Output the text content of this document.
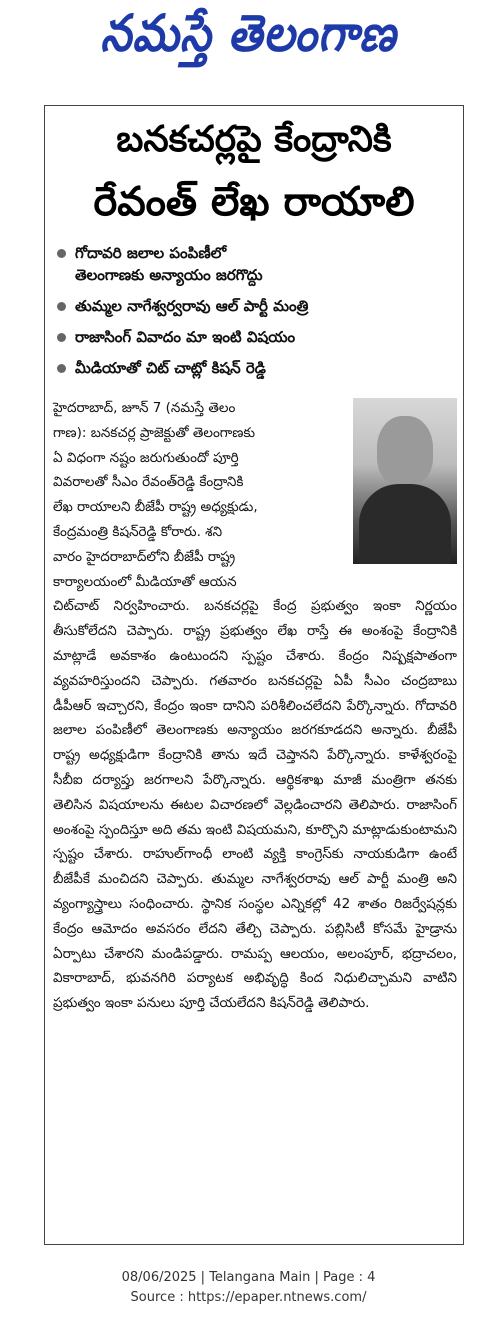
నమస్తే తెలంగాణ
బనకచర్లపై కేంద్రానికి
రేవంత్ లేఖ రాయాలి
గోదావరి జలాల పంపిణీలో
తెలంగాణకు అన్యాయం జరగొద్దు
తుమ్మల నాగేశ్వర్వరావు ఆల్ పార్టీ మంత్రి
రాజాసింగ్ వివాదం మా ఇంటి విషయం
మీడియాతో చిట్ చాట్లో కిషన్ రెడ్డి
హైదరాబాద్, జూన్ 7 (నమస్తే తెలం
గాణ): బనకచర్ల ప్రాజెక్టుతో తెలంగాణకు
ఏ విధంగా నష్టం జరుగుతుందో పూర్తి
వివరాలతో సీఎం రేవంత్‌రెడ్డి కేంద్రానికి
లేఖ రాయాలని బీజేపీ రాష్ట్ర అధ్యక్షుడు,
కేంద్రమంత్రి కిషన్‌రెడ్డి కోరారు. శని
వారం హైదరాబాద్‌లోని బీజేపీ రాష్ట్ర
కార్యాలయంలో మీడియాతో ఆయన

చిట్‌చాట్ నిర్వహించారు. బనకచర్లపై కేంద్ర ప్రభుత్వం ఇంకా నిర్ణయం తీసుకోలేదని చెప్పారు. రాష్ట్ర ప్రభుత్వం లేఖ రాస్తే ఈ అంశంపై కేంద్రానికి మాట్లాడే అవకాశం ఉంటుందని స్పష్టం చేశారు. కేంద్రం నిష్పక్షపాతంగా వ్యవహరిస్తుందని చెప్పారు. గతవారం బనకచర్లపై ఏపీ సీఎం చంద్రబాబు డీపీఆర్ ఇచ్చారని, కేంద్రం ఇంకా దానిని పరిశీలించలేదని పేర్కొన్నారు. గోదావరి జలాల పంపిణీలో తెలంగాణకు అన్యాయం జరగకూడదని అన్నారు. బీజేపీ రాష్ట్ర అధ్యక్షుడిగా కేంద్రానికి తాను ఇదే చెప్తానని పేర్కొన్నారు. కాళేశ్వరంపై సీబీఐ దర్యాప్తు జరగాలని పేర్కొన్నారు. ఆర్థికశాఖ మాజీ మంత్రిగా తనకు తెలిసిన విషయాలను ఈటల విచారణలో వెల్లడించారని తెలిపారు. రాజాసింగ్ అంశంపై స్పందిస్తూ అది తమ ఇంటి విషయమని, కూర్చొని మాట్లాడుకుంటామని స్పష్టం చేశారు. రాహుల్‌గాంధీ లాంటి వ్యక్తి కాంగ్రెస్‌కు నాయకుడిగా ఉంటే బీజేపీకే మంచిదని చెప్పారు. తుమ్మల నాగేశ్వరరావు ఆల్ పార్టీ మంత్రి అని వ్యంగ్యాస్త్రాలు సంధించారు. స్థానిక సంస్థల ఎన్నికల్లో 42 శాతం రిజర్వేషన్లకు కేంద్రం ఆమోదం అవసరం లేదని తేల్చి చెప్పారు. పబ్లిసిటీ కోసమే హైడ్రాను ఏర్పాటు చేశారని మండిపడ్డారు. రామప్ప ఆలయం, అలంపూర్, భద్రాచలం, వికారాబాద్, భువనగిరి పర్యాటక అభివృద్ధి కింద నిధులిచ్చామని వాటిని ప్రభుత్వం ఇంకా పనులు పూర్తి చేయలేదని కిషన్‌రెడ్డి తెలిపారు.

08/06/2025 | Telangana Main | Page : 4
Source : https://epaper.ntnews.com/
